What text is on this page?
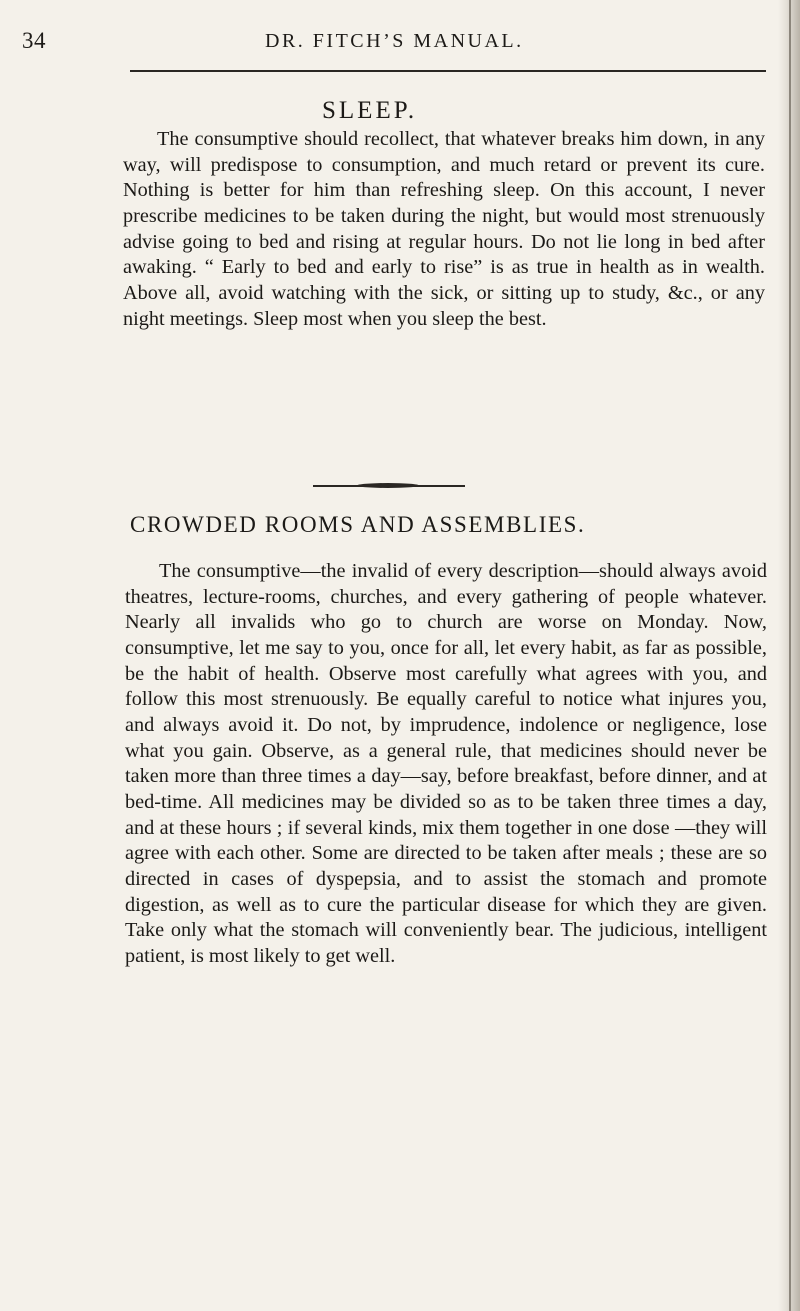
34	DR. FITCH’S MANUAL.
SLEEP.

The consumptive should recollect, that whatever breaks him down, in any way, will predispose to consumption, and much retard or prevent its cure. Nothing is better for him than refreshing sleep. On this account, I never prescribe medicines to be taken during the night, but would most strenuously advise going to bed and rising at regular hours. Do not lie long in bed after awaking. “ Early to bed and early to rise” is as true in health as in wealth. Above all, avoid watching with the sick, or sitting up to study, &c., or any night meetings. Sleep most when you sleep the best.

CROWDED ROOMS AND ASSEMBLIES.

The consumptive—the invalid of every description—should always avoid theatres, lecture-rooms, churches, and every gathering of people whatever. Nearly all invalids who go to church are worse on Monday. Now, consumptive, let me say to you, once for all, let every habit, as far as possible, be the habit of health. Observe most carefully what agrees with you, and follow this most strenuously. Be equally careful to notice what injures you, and always avoid it. Do not, by imprudence, indolence or negligence, lose what you gain. Observe, as a general rule, that medicines should never be taken more than three times a day—say, before breakfast, before dinner, and at bed-time. All medicines may be divided so as to be taken three times a day, and at these hours ; if several kinds, mix them together in one dose —they will agree with each other. Some are directed to be taken after meals ; these are so directed in cases of dyspepsia, and to assist the stomach and promote digestion, as well as to cure the particular disease for which they are given. Take only what the stomach will conveniently bear. The judicious, intelligent patient, is most likely to get well.
